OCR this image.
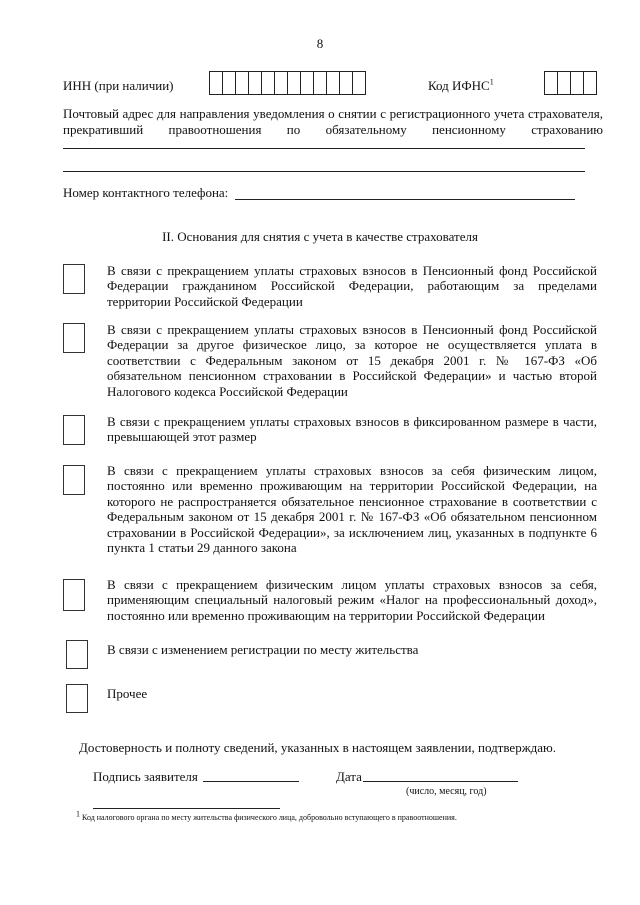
8
ИНН (при наличии)	Код ИФНС$^1$
Почтовый адрес для направления уведомления о снятии с регистрационного учета страхователя,
прекративший правоотношения по обязательному пенсионному страхованию
Номер контактного телефона:
II. Основания для снятия с учета в качестве страхователя
В связи с прекращением уплаты страховых взносов в Пенсионный фонд Российской Федерации гражданином Российской Федерации, работающим за пределами территории Российской Федерации
В связи с прекращением уплаты страховых взносов в Пенсионный фонд Российской Федерации за другое физическое лицо, за которое не осуществляется уплата в соответствии с Федеральным законом от 15 декабря 2001 г. № 167-ФЗ «Об обязательном пенсионном страховании в Российской Федерации» и частью второй Налогового кодекса Российской Федерации
В связи с прекращением уплаты страховых взносов в фиксированном размере в части, превышающей этот размер
В связи с прекращением уплаты страховых взносов за себя физическим лицом, постоянно или временно проживающим на территории Российской Федерации, на которого не распространяется обязательное пенсионное страхование в соответствии с Федеральным законом от 15 декабря 2001 г. № 167-ФЗ «Об обязательном пенсионном страховании в Российской Федерации», за исключением лиц, указанных в подпункте 6 пункта 1 статьи 29 данного закона
В связи с прекращением физическим лицом уплаты страховых взносов за себя, применяющим специальный налоговый режим «Налог на профессиональный доход», постоянно или временно проживающим на территории Российской Федерации
В связи с изменением регистрации по месту жительства
Прочее
Достоверность и полноту сведений, указанных в настоящем заявлении, подтверждаю.
Подпись заявителя	Дата
(число, месяц, год)
$^1$ Код налогового органа по месту жительства физического лица, добровольно вступающего в правоотношения.
